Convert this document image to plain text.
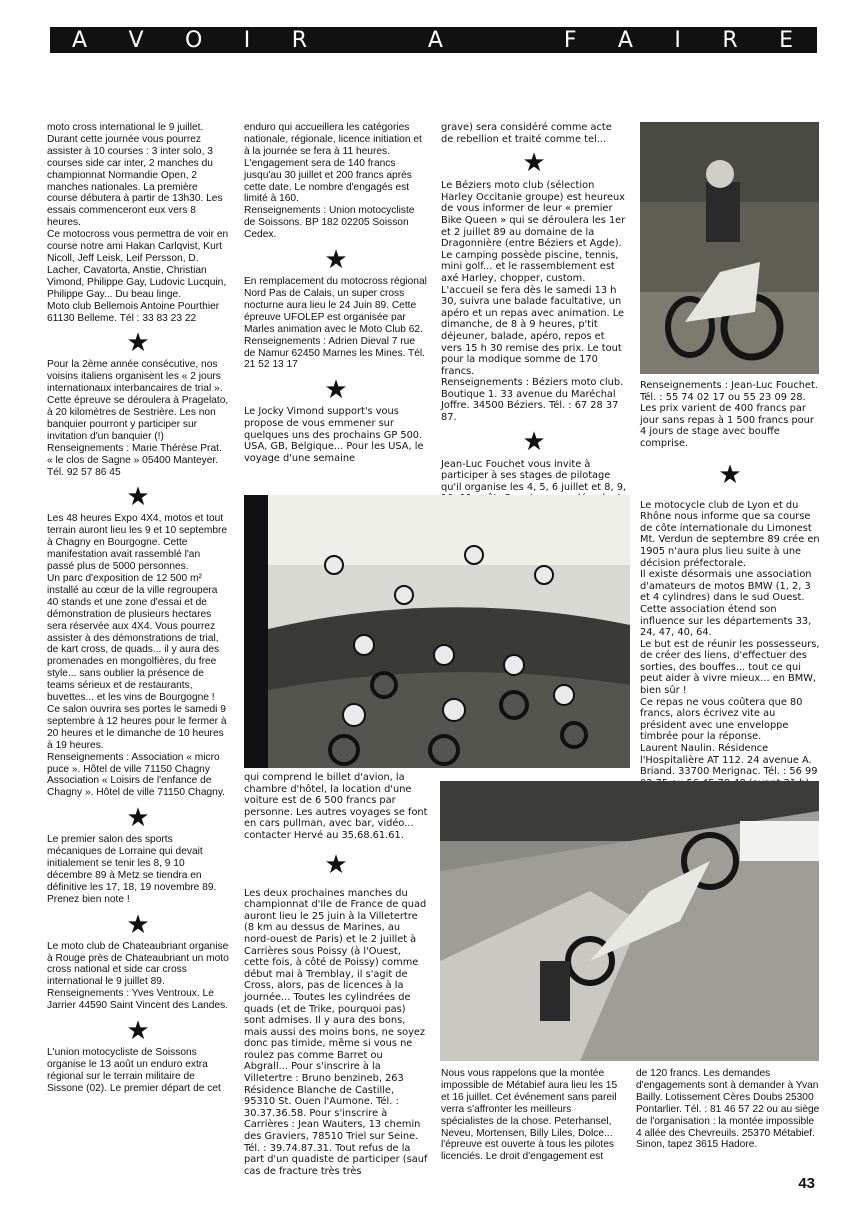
A V O I R	A	F A I R E

moto cross international le 9 juillet. Durant cette journée vous pourrez assister à 10 courses : 3 inter solo, 3 courses side car inter, 2 manches du championnat Normandie Open, 2 manches nationales. La première course débutera à partir de 13h30. Les essais commenceront eux vers 8 heures.
Ce motocross vous permettra de voir en course notre ami Hakan Carlqvist, Kurt Nicoll, Jeff Leisk, Leif Persson, D. Lacher, Cavatorta, Anstie, Christian Vimond, Philippe Gay, Ludovic Lucquin, Philippe Gay... Du beau linge.
Moto club Bellemois Antoine Pourthier 61130 Belleme. Tél : 33 83 23 22

★

Pour la 2ème année consécutive, nos voisins italiens organisent les « 2 jours internationaux interbancaires de trial ». Cette épreuve se déroulera à Pragelato, à 20 kilomètres de Sestrière. Les non banquier pourront y participer sur invitation d'un banquier (!)
Renseignements : Marie Thérèse Prat. « le clos de Sagne » 05400 Manteyer. Tél. 92 57 86 45

★

Les 48 heures Expo 4X4, motos et tout terrain auront lieu les 9 et 10 septembre à Chagny en Bourgogne. Cette manifestation avait rassemblé l'an passé plus de 5000 personnes.
Un parc d'exposition de 12 500 m² installé au cœur de la ville regroupera 40 stands et une zone d'essai et de démonstration de plusieurs hectares sera réservée aux 4X4. Vous pourrez assister à des démonstrations de trial, de kart cross, de quads... il y aura des promenades en mongolfières, du free style... sans oublier la présence de teams sérieux et de restaurants, buvettes... et les vins de Bourgogne !
Ce salon ouvrira ses portes le samedi 9 septembre à 12 heures pour le fermer à 20 heures et le dimanche de 10 heures à 19 heures.
Renseignements : Association « micro puce ». Hôtel de ville 71150 Chagny Association « Loisirs de l'enfance de Chagny ». Hôtel de ville 71150 Chagny.

★

Le premier salon des sports mécaniques de Lorraine qui devait initialement se tenir les 8, 9 10 décembre 89 à Metz se tiendra en définitive les 17, 18, 19 novembre 89. Prenez bien note !

★

Le moto club de Chateaubriant organise à Rouge près de Chateaubriant un moto cross national et side car cross international le 9 juillet 89.
Renseignements : Yves Ventroux. Le Jarrier 44590 Saint Vincent des Landes.

★

L'union motocycliste de Soissons organise le 13 août un enduro extra régional sur le terrain militaire de Sissone (02). Le premier départ de cet

enduro qui accueillera les catégories nationale, régionale, licence initiation et à la journée se fera à 11 heures. L'engagement sera de 140 francs jusqu'au 30 juillet et 200 francs après cette date. Le nombre d'engagés est limité à 160.
Renseignements : Union motocycliste de Soissons. BP 182 02205 Soisson Cedex.

★

En remplacement du motocross régional Nord Pas de Calais, un super cross nocturne aura lieu le 24 Juin 89. Cette épreuve UFOLEP est organisée par Marles animation avec le Moto Club 62.
Renseignements : Adrien Dieval 7 rue de Namur 62450 Marnes les Mines. Tél. 21 52 13 17

★

Le Jocky Vimond support's vous propose de vous emmener sur quelques uns des prochains GP 500. USA, GB, Belgique... Pour les USA, le voyage d'une semaine

grave) sera considéré comme acte de rebellion et traité comme tel...

★

Le Béziers moto club (sélection Harley Occitanie groupe) est heureux de vous informer de leur « premier Bike Queen » qui se déroulera les 1er et 2 juillet 89 au domaine de la Dragonnière (entre Béziers et Agde). Le camping possède piscine, tennis, mini golf... et le rassemblement est axé Harley, chopper, custom. L'accueil se fera dès le samedi 13 h 30, suivra une balade facultative, un apéro et un repas avec animation. Le dimanche, de 8 à 9 heures, p'tit déjeuner, balade, apéro, repos et vers 15 h 30 remise des prix. Le tout pour la modique somme de 170 francs.
Renseignements : Béziers moto club. Boutique 1. 33 avenue du Maréchal Joffre. 34500 Béziers. Tél. : 67 28 37 87.

★

Jean-Luc Fouchet vous invite à participer à ses stages de pilotage qu'il organise les 4, 5, 6 juillet et 8, 9,

Renseignements : Jean-Luc Fouchet. Tél. : 55 74 02 17 ou 55 23 09 28. Les prix varient de 400 francs par jour sans repas à 1 500 francs pour 4 jours de stage avec bouffe comprise.

★

Le motocycle club de Lyon et du Rhône nous informe que sa course de côte internationale du Limonest Mt. Verdun de septembre 89 crée en 1905 n'aura plus lieu suite à une décision préfectorale.
Il existe désormais une association d'amateurs de motos BMW (1, 2, 3 et 4 cylindres) dans le sud Ouest. Cette association étend son influence sur les départements 33, 24, 47, 40, 64.
Le but est de réunir les possesseurs, de créer des liens, d'effectuer des sorties, des bouffes... tout ce qui peut aider à vivre mieux... en BMW, bien sûr !
Ce repas ne vous coûtera que 80 francs, alors écrivez vite au président avec une enveloppe timbrée pour la réponse.
Laurent Naulin. Résidence l'Hospitalière AT 112. 24 avenue A. Briand. 33700 Merignac. Tél. : 56 99

qui comprend le billet d'avion, la chambre d'hôtel, la location d'une voiture est de 6 500 francs par personne. Les autres voyages se font en cars pullman, avec bar, vidéo... contacter Hervé au 35.68.61.61.

★

Les deux prochaines manches du championnat d'Ile de France de quad auront lieu le 25 juin à la Villetertre (8 km au dessus de Marines, au nord-ouest de Paris) et le 2 juillet à Carrières sous Poissy (à l'Ouest, cette fois, à côté de Poissy) comme début mai à Tremblay, il s'agit de Cross, alors, pas de licences à la journée... Toutes les cylindrées de quads (et de Trike, pourquoi pas) sont admises. Il y aura des bons, mais aussi des moins bons, ne soyez donc pas timide, même si vous ne roulez pas comme Barret ou Abgrall... Pour s'inscrire à la Villetertre : Bruno benzineb, 263 Résidence Blanche de Castille, 95310 St. Ouen l'Aumone. Tél. : 30.37.36.58. Pour s'inscrire à Carrières : Jean Wauters, 13 chemin des Graviers, 78510 Triel sur Seine. Tél. : 39.74.87.31. Tout refus de la part d'un quadiste de participer (sauf cas de fracture très très

Nous vous rappelons que la montée impossible de Métabief aura lieu les 15 et 16 juillet. Cet événement sans pareil verra s'affronter les meilleurs spécialistes de la chose. Peterhansel, Neveu, Mortensen, Billy Liles, Dolce... l'épreuve est ouverte à tous les pilotes licenciés. Le droit d'engagement est

de 120 francs. Les demandes d'engagements sont à demander à Yvan Bailly. Lotissement Cères Doubs 25300 Pontarlier. Tél. : 81 46 57 22 ou au siège de l'organisation : la montée impossible 4 allée des Chevreuils. 25370 Métabief. Sinon, tapez 3615 Hadore.

43
